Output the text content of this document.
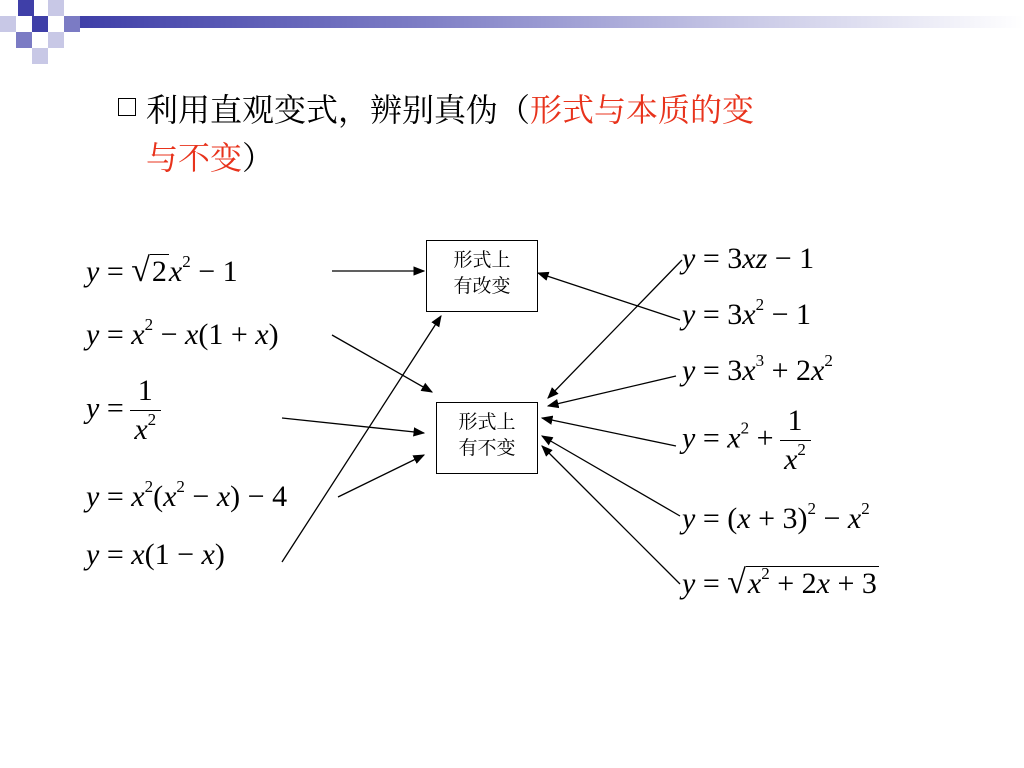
利用直观变式，辨别真伪（形式与本质的变
与不变）
形式上
有改变
形式上
有不变
$y = √2x^2 - 1$
$y = x^2 - x(1 + x)$
$y = \frac{1}{x^2}$
$y = x^2(x^2 - x) - 4$
y = x(1 − x)
y = 3xz − 1
$y = 3x^2 - 1$
$y = 3x^3 + 2x^2$
$y = x^2 + \frac{1}{x^2}$
$y = (x + 3)^2 - x^2$
$y = √x^2 + 2x + 3$
